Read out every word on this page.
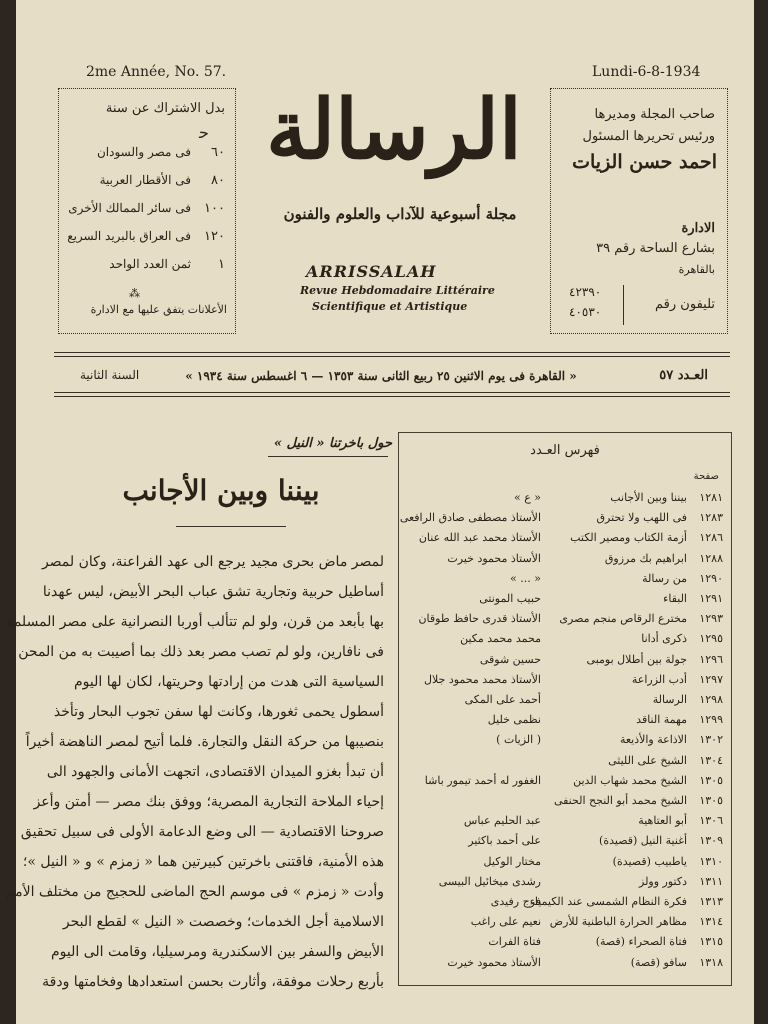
2me Année, No. 57.	Lundi-6-8-1934
بدل الاشتراك عن سنة
ﺣ
⁂
الأعلانات يتفق عليها مع الادارة
٦٠
فى مصر والسودان
٨٠
فى الأقطار العربية
١٠٠
فى سائر الممالك الأخرى
١٢٠
فى العراق بالبريد السريع
١
ثمن العدد الواحد
الرسالة
مجلة أسبوعية للآداب والعلوم والفنون
ARRISSALAH
Revue Hebdomadaire Littéraire
Scientifique et Artistique
صاحب المجلة ومديرها
ورئيس تحريرها المسئول
احمد حسن الزيات
الادارة
بشارع الساحة رقم ٣٩
بالقاهرة
تليفون رقم
٤٢٣٩٠
٤٠٥٣٠
العـدد ٥٧
« القاهرة فى يوم الاثنين ٢٥ ربيع الثانى سنة ١٣٥٣ — ٦ اغسطس سنة ١٩٣٤ »
السنة الثانية
فهرس العـدد
صفحة
١٢٨١
بيننا وبين الأجانب
« ع »
١٢٨٣
فى اللهب ولا تحترق
الأستاذ مصطفى صادق الرافعى
١٢٨٦
أزمة الكتاب ومصير الكتب
الأستاذ محمد عبد الله عنان
١٢٨٨
ابراهيم بك مرزوق
الأستاذ محمود خيرت
١٢٩٠
من رسالة
« ... »
١٢٩١
البقاء
حبيب المونتى
١٢٩٣
مخترع الرقاص منجم مصرى
الأستاذ قدرى حافظ طوقان
١٢٩٥
ذكرى أدانا
محمد محمد مكين
١٢٩٦
جولة بين أطلال بومبى
حسين شوقى
١٢٩٧
أدب الزراعة
الأستاذ محمد محمود جلال
١٢٩٨
الرسالة
أحمد على المكى
١٢٩٩
مهمة الناقد
نظمى خليل
١٣٠٢
الاذاعة والأذيعة
( الزيات )
١٣٠٤
الشيخ على الليثى
١٣٠٥
الشيخ محمد شهاب الدين
الغفور له أحمد تيمور باشا
١٣٠٥
الشيخ محمد أبو النجح الحنفى
١٣٠٦
أبو العتاهية
عبد الحليم عباس
١٣٠٩
أغنية النيل (قصيدة)
على أحمد باكثير
١٣١٠
ياطبيب (قصيدة)
مختار الوكيل
١٣١١
دكتور وولز
رشدى ميخائيل البيسى
١٣١٣
فكرة النظام الشمسى عند الكيمياء
فرج رفيدى
١٣١٤
مظاهر الحرارة الباطنية للأرض
نعيم على راغب
١٣١٥
فتاة الصحراء (قصة)
فتاة الفرات
١٣١٨
سافو (قصة)
الأستاذ محمود خيرت
حول باخرتنا « النيل »
بيننا وبين الأجانب
لمصر ماض بحرى مجيد يرجع الى عهد الفراعنة، وكان لمصر
أساطيل حربية وتجارية تشق عباب البحر الأبيض، ليس عهدنا
بها بأبعد من قرن، ولو لم تتألب أوربا النصرانية على مصر المسلمة
فى نافارين، ولو لم تصب مصر بعد ذلك بما أصيبت به من المحن
السياسية التى هدت من إرادتها وحريتها، لكان لها اليوم
أسطول يحمى ثغورها، وكانت لها سفن تجوب البحار وتأخذ
بنصيبها من حركة النقل والتجارة. فلما أتيح لمصر الناهضة أخيراً
أن تبدأ بغزو الميدان الاقتصادى، اتجهت الأمانى والجهود الى
إحياء الملاحة التجارية المصرية؛ ووفق بنك مصر — أمتن وأعز
صروحنا الاقتصادية — الى وضع الدعامة الأولى فى سبيل تحقيق
هذه الأمنية، فاقتنى باخرتين كبيرتين هما « زمزم » و « النيل »؛
وأدت « زمزم » فى موسم الحج الماضى للحجيج من مختلف الأمم
الاسلامية أجل الخدمات؛ وخصصت « النيل » لقطع البحر
الأبيض والسفر بين الاسكندرية ومرسيليا، وقامت الى اليوم
بأربع رحلات موفقة، وأثارت بحسن استعدادها وفخامتها ودقة
